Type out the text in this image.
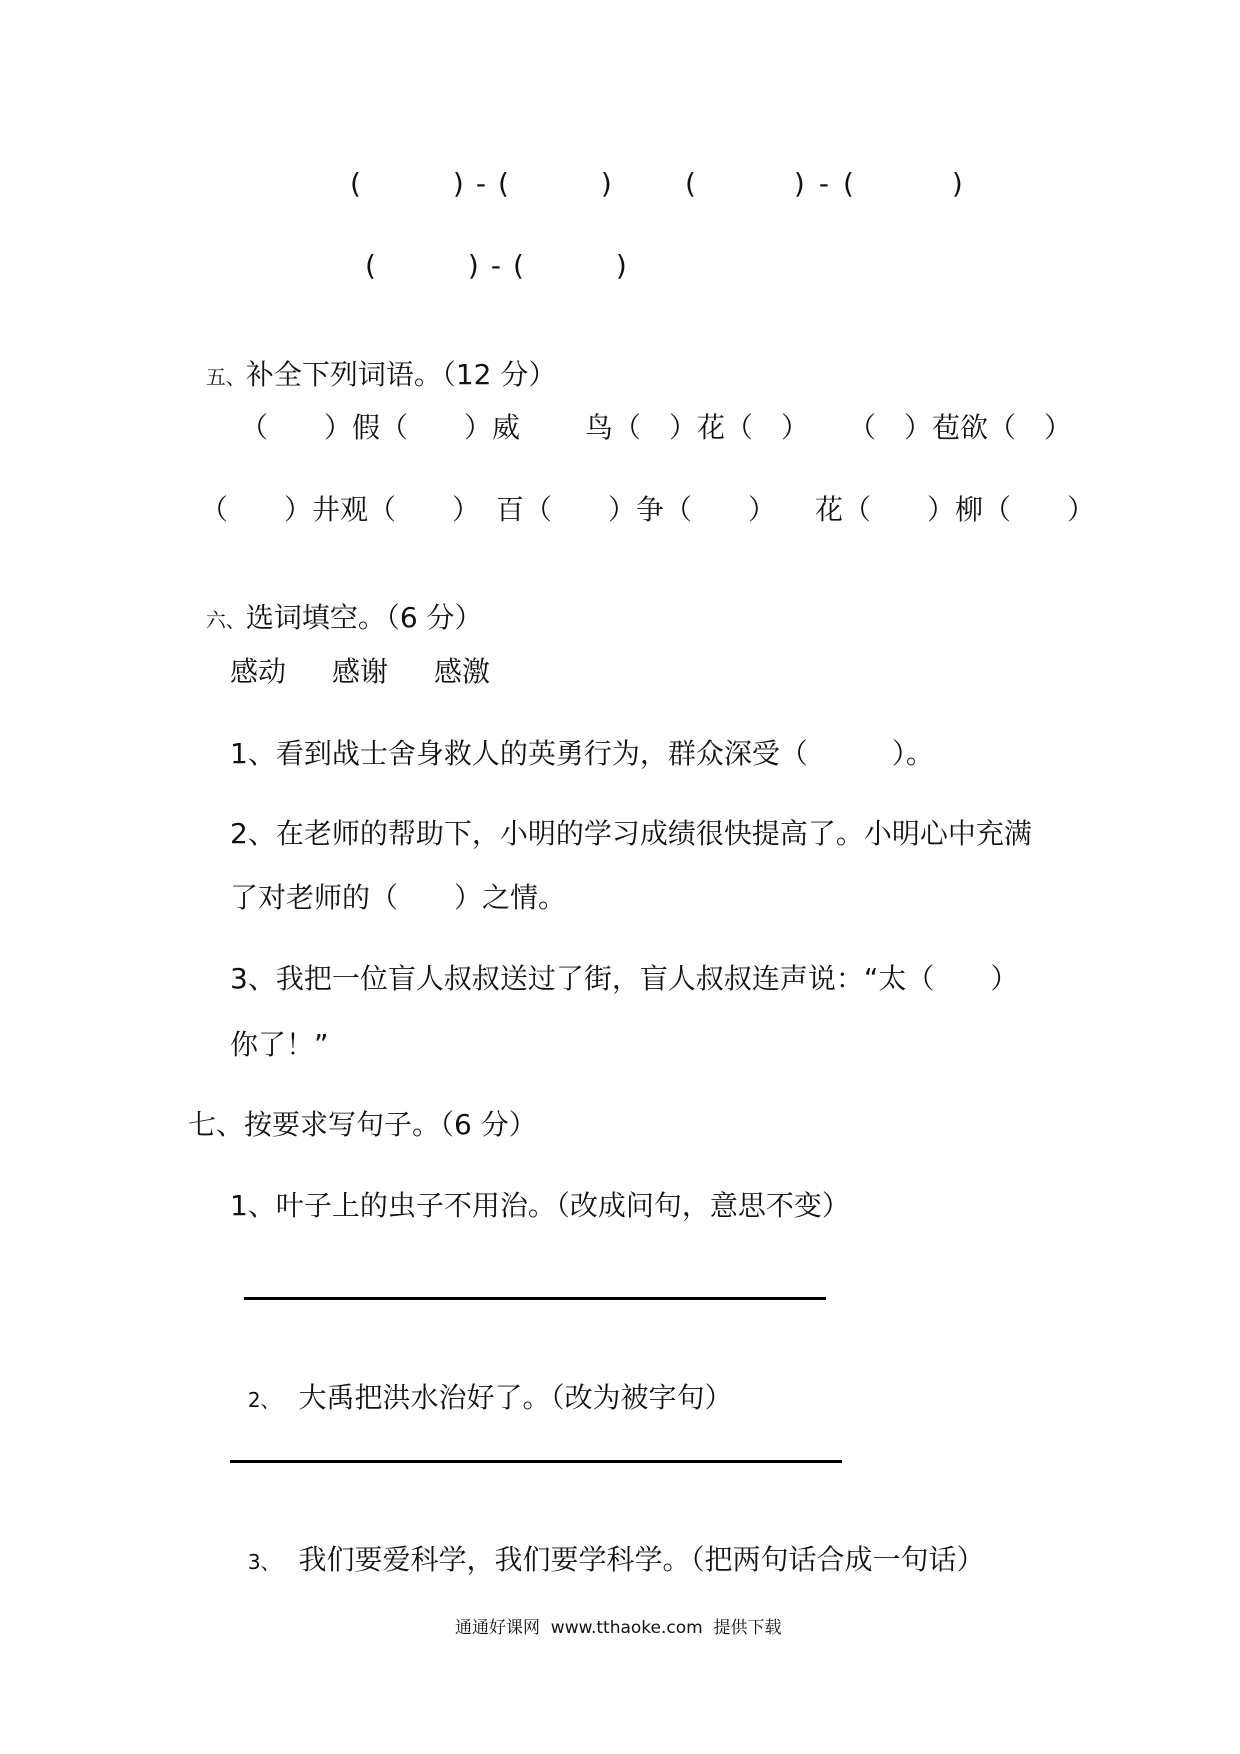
(　　)-(　　) (　　)-(　　)
(　　)-(　　)

五、补全下列词语。（12 分）

（　　）假（　　）威 鸟（　）花（　） （　）苞欲（　）
（　　）井观（　　） 百（　　）争（　　） 花（　　）柳（　　）

六、选词填空。（6 分）

感动 感谢 感激
1、看到战士舍身救人的英勇行为，群众深受（　　　）。
2、在老师的帮助下，小明的学习成绩很快提高了。小明心中充满
了对老师的（　　）之情。
3、我把一位盲人叔叔送过了街，盲人叔叔连声说：“太（　　）
你了！”
七、按要求写句子。（6 分）
1、叶子上的虫子不用治。（改成问句，意思不变）

2、 大禹把洪水治好了。（改为被字句）

3、 我们要爱科学，我们要学科学。（把两句话合成一句话）

通通好课网  www.tthaoke.com  提供下载
